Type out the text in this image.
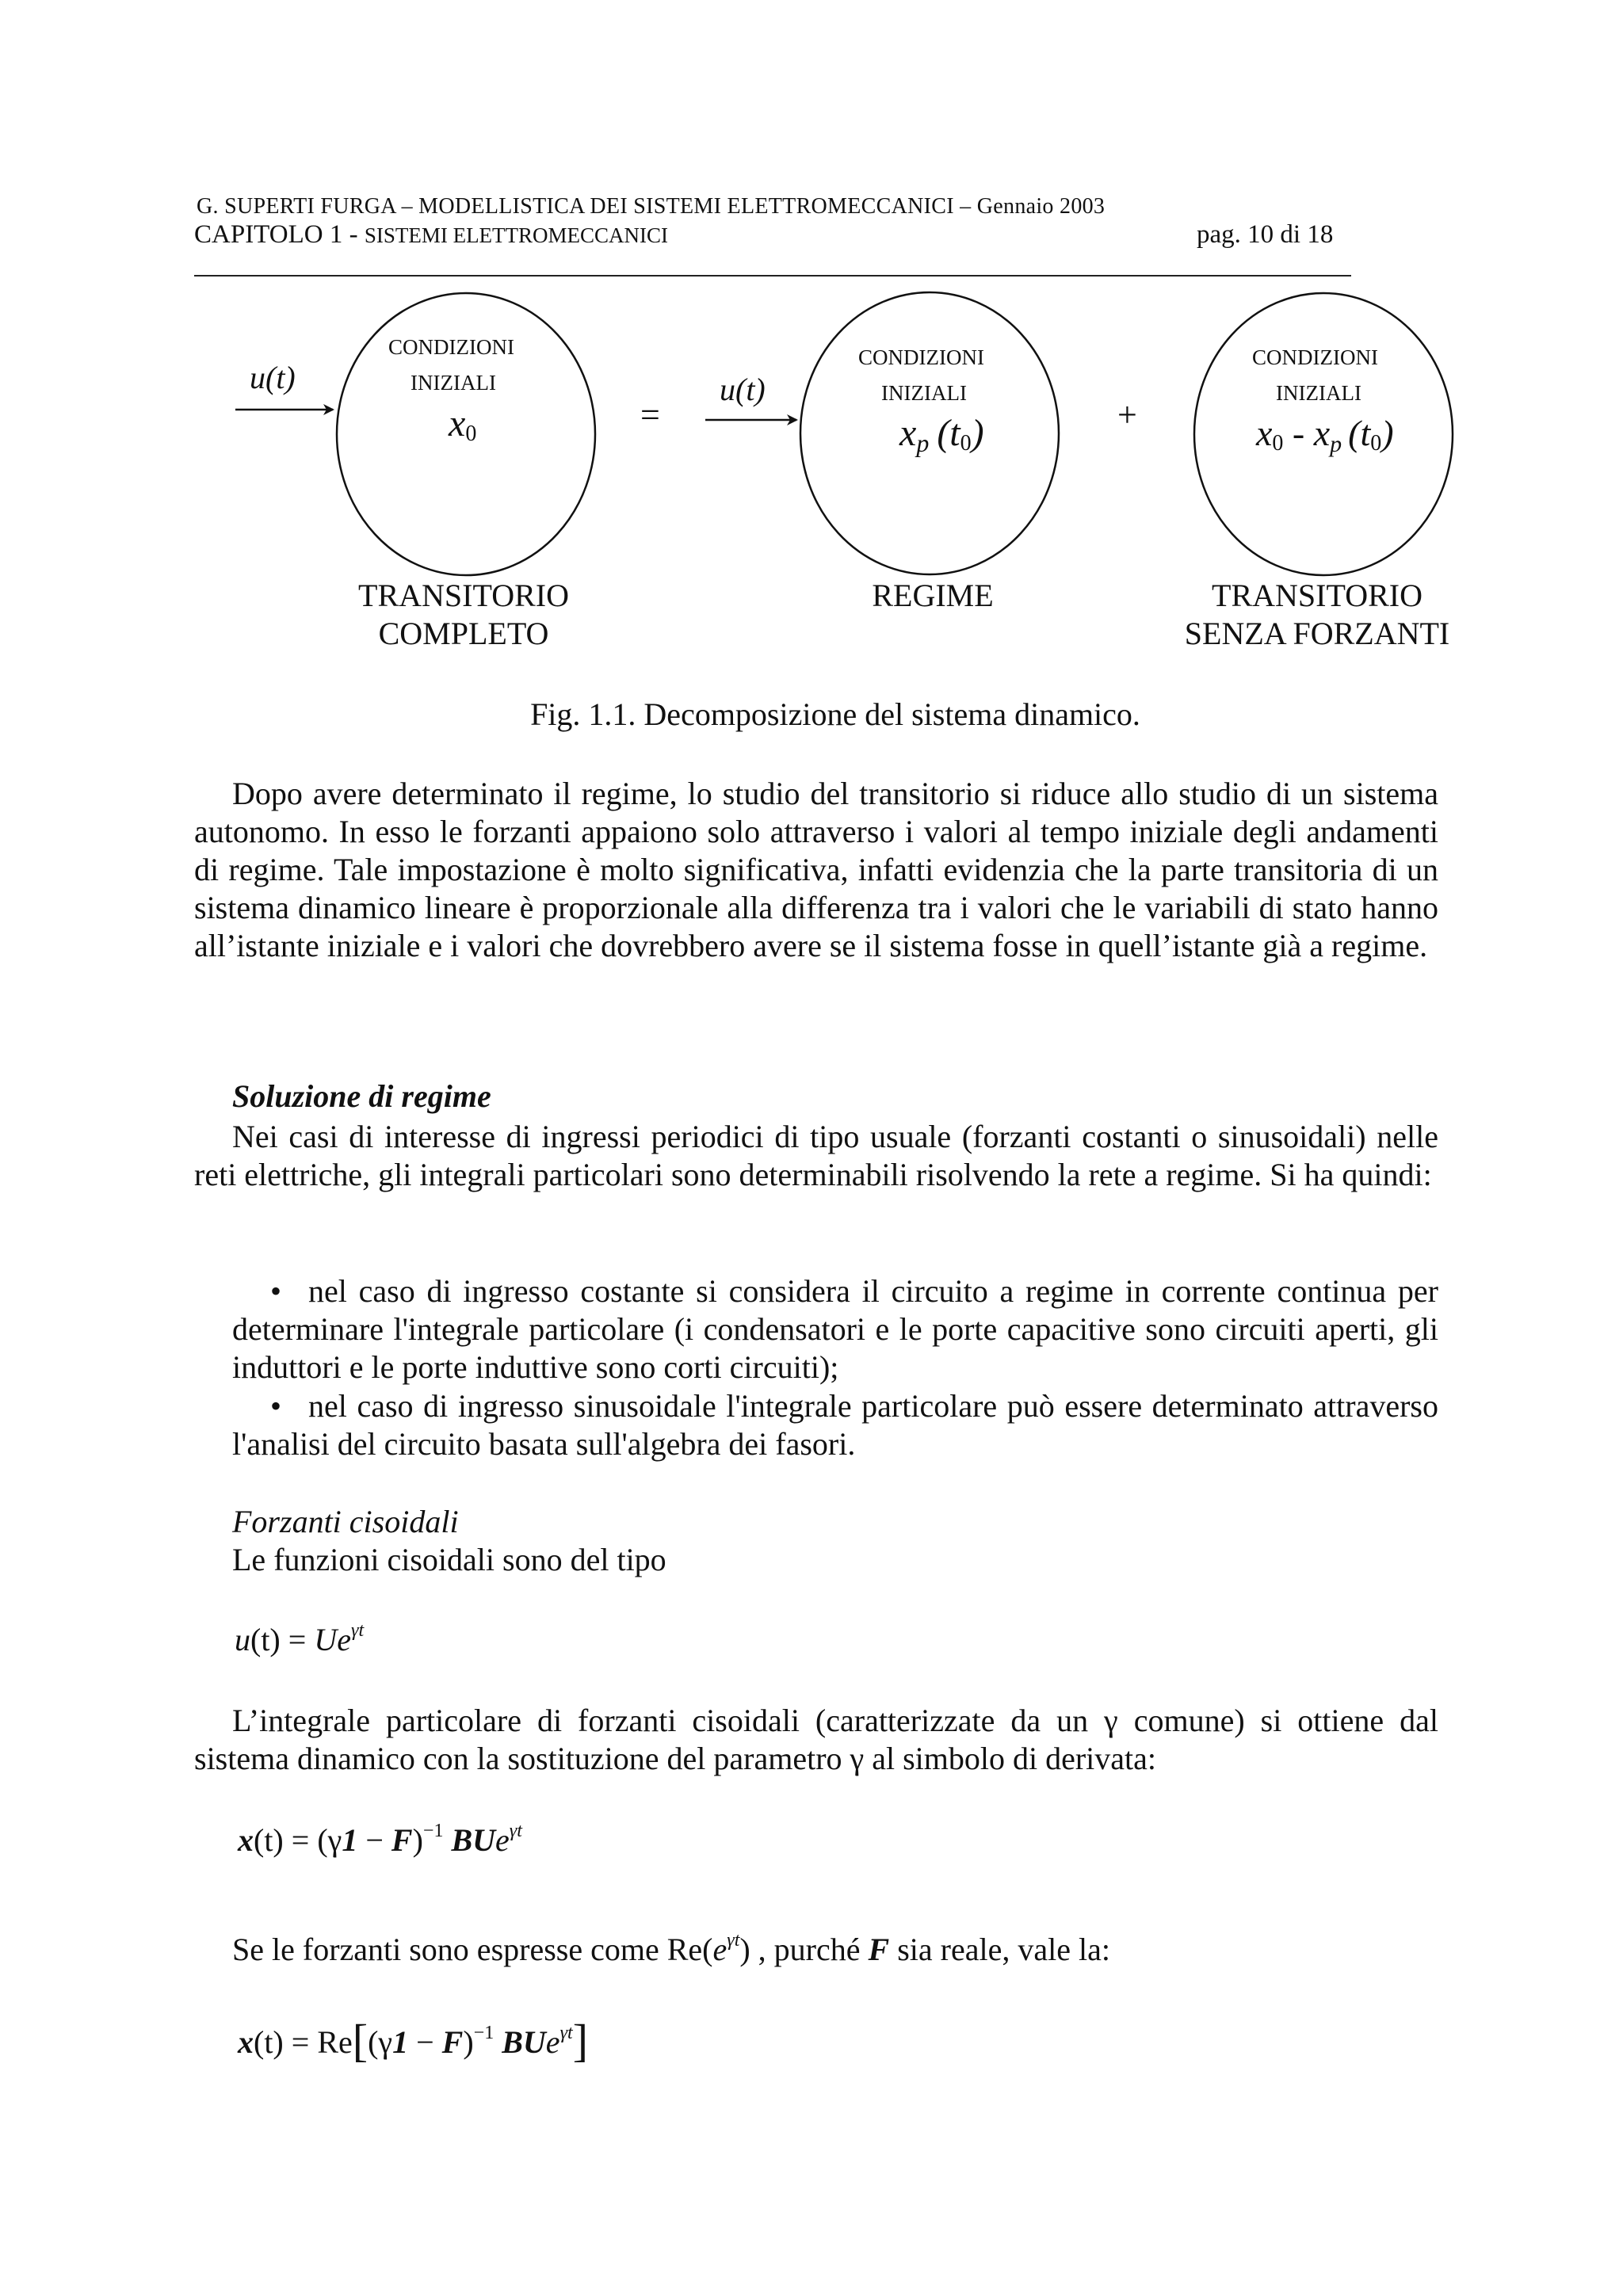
G. SUPERTI FURGA – MODELLISTICA DEI SISTEMI ELETTROMECCANICI – Gennaio 2003
CAPITOLO 1 - SISTEMI ELETTROMECCANICI	pag. 10 di 18
u(t)
CONDIZIONI
INIZIALI
x0	=
u(t)
CONDIZIONI
INIZIALI
xp (t0)	+
CONDIZIONI
INIZIALI
x0 - xp (t0)
TRANSITORIO
COMPLETO
REGIME	TRANSITORIO
SENZA FORZANTI
Fig. 1.1. Decomposizione del sistema dinamico.
Dopo avere determinato il regime, lo studio del transitorio si riduce allo studio di un sistema autonomo. In esso le forzanti appaiono solo attraverso i valori al tempo iniziale degli andamenti di regime. Tale impostazione è molto significativa, infatti evidenzia che la parte transitoria di un sistema dinamico lineare è proporzionale alla differenza tra i valori che le variabili di stato hanno all’istante iniziale e i valori che dovrebbero avere se il sistema fosse in quell’istante già a regime.
Soluzione di regime
Nei casi di interesse di ingressi periodici di tipo usuale (forzanti costanti o sinusoidali) nelle reti elettriche, gli integrali particolari sono determinabili risolvendo la rete a regime. Si ha quindi:
• nel caso di ingresso costante si considera il circuito a regime in corrente continua per determinare l'integrale particolare (i condensatori e le porte capacitive sono circuiti aperti, gli induttori e le porte induttive sono corti circuiti);
• nel caso di ingresso sinusoidale l'integrale particolare può essere determinato attraverso l'analisi del circuito basata sull'algebra dei fasori.
Forzanti cisoidali
Le funzioni cisoidali sono del tipo
$u(t) = Ue^{\gamma t}$
L’integrale particolare di forzanti cisoidali (caratterizzate da un γ comune) si ottiene dal sistema dinamico con la sostituzione del parametro γ al simbolo di derivata:
$x(t) = (\gamma 1 - F)^{-1}$ BUe$^{\gamma t}$
Se le forzanti sono espresse come $Re(e^{\gamma t})$ , purché F sia reale, vale la:
$x(t) = Re[(\gamma 1 - F)^{-1}$ BUe$^{\gamma t}$]
